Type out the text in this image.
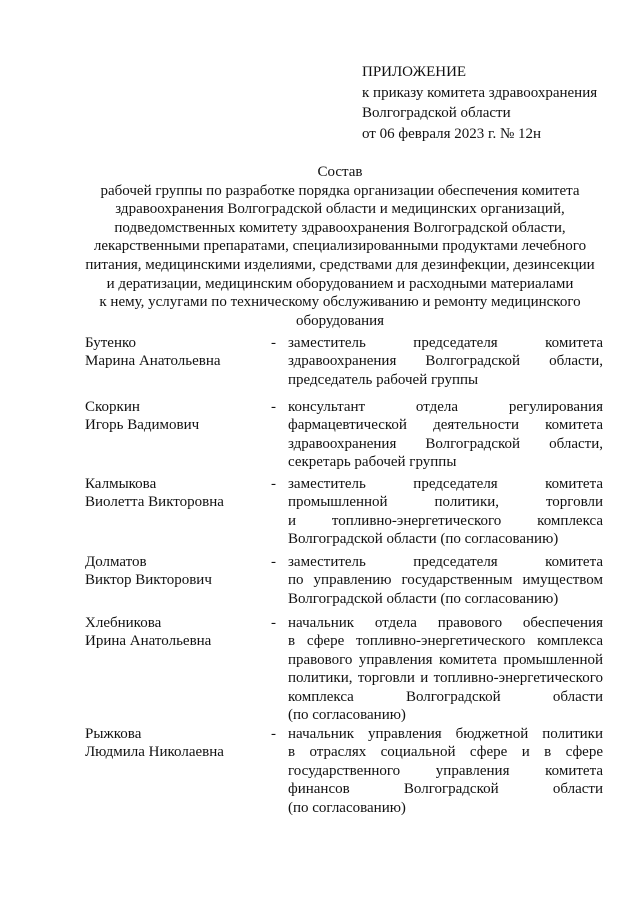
ПРИЛОЖЕНИЕ
к приказу комитета здравоохранения
Волгоградской области
от 06 февраля 2023 г. № 12н
Состав
рабочей группы по разработке порядка организации обеспечения комитета
здравоохранения Волгоградской области и медицинских организаций,
подведомственных комитету здравоохранения Волгоградской области,
лекарственными препаратами, специализированными продуктами лечебного
питания, медицинскими изделиями, средствами для дезинфекции, дезинсекции
и дератизации, медицинским оборудованием и расходными материалами
к нему, услугами по техническому обслуживанию и ремонту медицинского
оборудования
Бутенко
Марина Анатольевна
- заместитель председателя комитета
здравоохранения Волгоградской области,
председатель рабочей группы
Скоркин
Игорь Вадимович
- консультант отдела регулирования
фармацевтической деятельности комитета
здравоохранения Волгоградской области,
секретарь рабочей группы
Калмыкова
Виолетта Викторовна
- заместитель председателя комитета
промышленной политики, торговли
и топливно-энергетического комплекса
Волгоградской области (по согласованию)
Долматов
Виктор Викторович
- заместитель председателя комитета
по управлению государственным имуществом
Волгоградской области (по согласованию)
Хлебникова
Ирина Анатольевна
- начальник отдела правового обеспечения
в сфере топливно-энергетического комплекса
правового управления комитета промышленной
политики, торговли и топливно-энергетического
комплекса Волгоградской области
(по согласованию)
Рыжкова
Людмила Николаевна
- начальник управления бюджетной политики
в отраслях социальной сфере и в сфере
государственного управления комитета
финансов Волгоградской области
(по согласованию)
